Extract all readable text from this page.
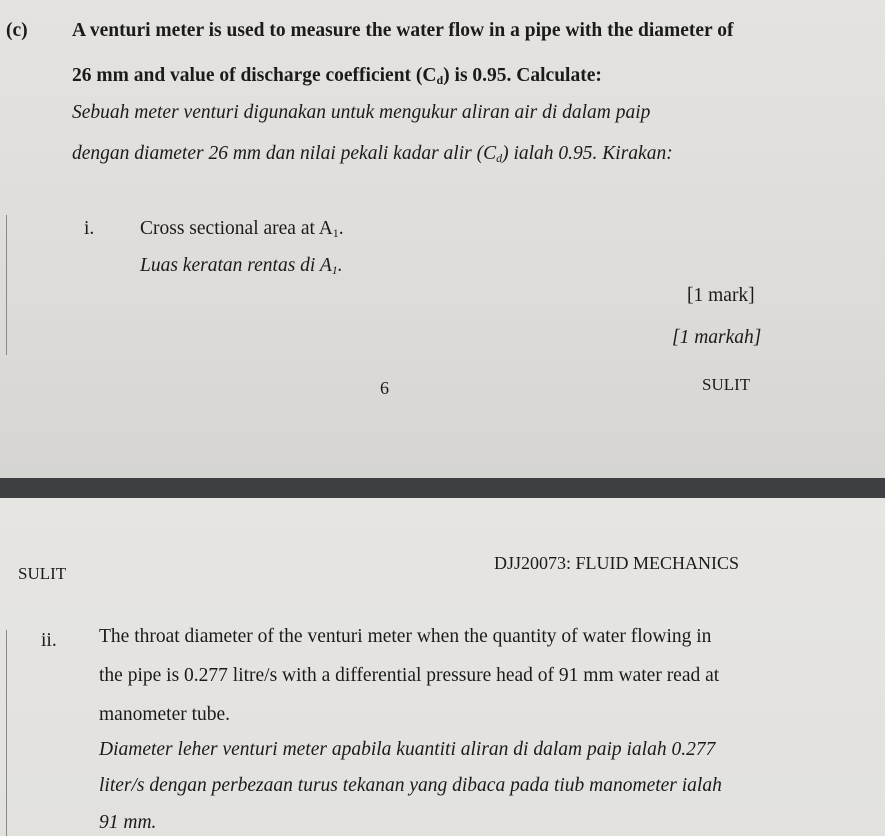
(c) A venturi meter is used to measure the water flow in a pipe with the diameter of
26 mm and value of discharge coefficient $(C_d)$ is 0.95. Calculate:
Sebuah meter venturi digunakan untuk mengukur aliran air di dalam paip
dengan diameter 26 mm dan nilai pekali kadar alir $(C_d)$ ialah 0.95. Kirakan:
i. Cross sectional area at $A_1$.
Luas keratan rentas di $A_1$.
[1 mark]
[1 markah]
6	SULIT
SULIT
DJJ20073: FLUID MECHANICS
ii. The throat diameter of the venturi meter when the quantity of water flowing in
the pipe is 0.277 litre/s with a differential pressure head of 91 mm water read at
manometer tube.
Diameter leher venturi meter apabila kuantiti aliran di dalam paip ialah 0.277
liter/s dengan perbezaan turus tekanan yang dibaca pada tiub manometer ialah
91 mm.
